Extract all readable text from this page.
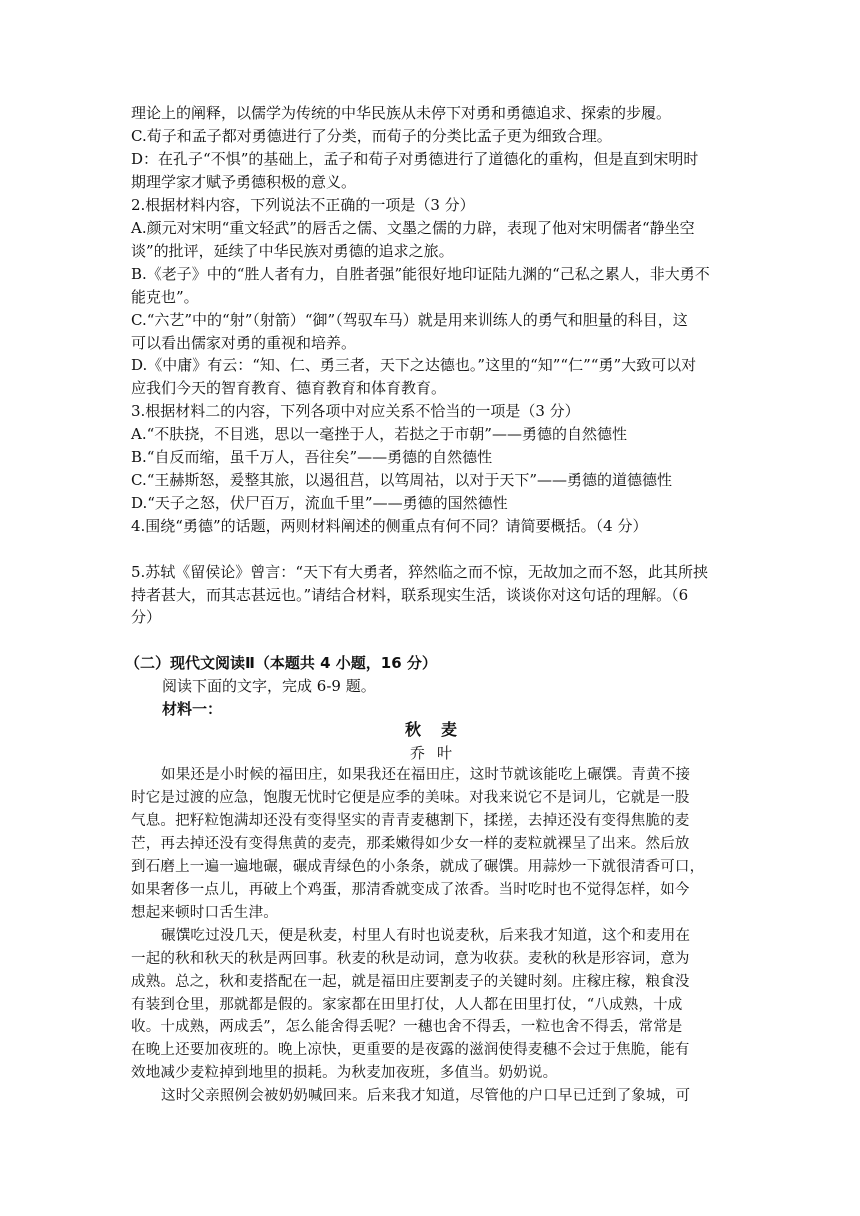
理论上的阐释，以儒学为传统的中华民族从未停下对勇和勇德追求、探索的步履。
C.荀子和孟子都对勇德进行了分类，而荀子的分类比孟子更为细致合理。
D：在孔子“不惧”的基础上，孟子和荀子对勇德进行了道德化的重构，但是直到宋明时
期理学家才赋予勇德积极的意义。
2.根据材料内容，下列说法不正确的一项是（3 分）
A.颜元对宋明“重文轻武”的唇舌之儒、文墨之儒的力辟，表现了他对宋明儒者“静坐空
谈”的批评，延续了中华民族对勇德的追求之旅。
B.《老子》中的“胜人者有力，自胜者强”能很好地印证陆九渊的“己私之累人，非大勇不
能克也”。
C.“六艺”中的“射”（射箭）“御”（驾驭车马）就是用来训练人的勇气和胆量的科目，这
可以看出儒家对勇的重视和培养。
D.《中庸》有云：“知、仁、勇三者，天下之达德也。”这里的“知”“仁”“勇”大致可以对
应我们今天的智育教育、德育教育和体育教育。
3.根据材料二的内容，下列各项中对应关系不恰当的一项是（3 分）
A.“不肤挠，不目逃，思以一毫挫于人，若挞之于市朝”——勇德的自然德性
B.“自反而缩，虽千万人，吾往矣”——勇德的自然德性
C.“王赫斯怒，爰整其旅，以遏徂莒，以笃周祜，以对于天下”——勇德的道德德性
D.“天子之怒，伏尸百万，流血千里”——勇德的国然德性
4.围绕“勇德”的话题，两则材料阐述的侧重点有何不同？请简要概括。（4 分）
5.苏轼《留侯论》曾言：“天下有大勇者，猝然临之而不惊，无故加之而不怒，此其所挟
持者甚大，而其志甚远也。”请结合材料，联系现实生活，谈谈你对这句话的理解。（6
分）
（二）现代文阅读Ⅱ（本题共 4 小题，16 分）
阅读下面的文字，完成 6-9 题。
材料一：
秋麦
乔叶
如果还是小时候的福田庄，如果我还在福田庄，这时节就该能吃上碾馔。青黄不接
时它是过渡的应急，饱腹无忧时它便是应季的美味。对我来说它不是词儿，它就是一股
气息。把籽粒饱满却还没有变得坚实的青青麦穗割下，揉搓，去掉还没有变得焦脆的麦
芒，再去掉还没有变得焦黄的麦壳，那柔嫩得如少女一样的麦粒就裸呈了出来。然后放
到石磨上一遍一遍地碾，碾成青绿色的小条条，就成了碾馔。用蒜炒一下就很清香可口，
如果奢侈一点儿，再破上个鸡蛋，那清香就变成了浓香。当时吃时也不觉得怎样，如今
想起来顿时口舌生津。
碾馔吃过没几天，便是秋麦，村里人有时也说麦秋，后来我才知道，这个和麦用在
一起的秋和秋天的秋是两回事。秋麦的秋是动词，意为收获。麦秋的秋是形容词，意为
成熟。总之，秋和麦搭配在一起，就是福田庄要割麦子的关键时刻。庄稼庄稼，粮食没
有装到仓里，那就都是假的。家家都在田里打仗，人人都在田里打仗，“八成熟，十成
收。十成熟，两成丢”，怎么能舍得丢呢？一穗也舍不得丢，一粒也舍不得丢，常常是
在晚上还要加夜班的。晚上凉快，更重要的是夜露的滋润使得麦穗不会过于焦脆，能有
效地减少麦粒掉到地里的损耗。为秋麦加夜班，多值当。奶奶说。
这时父亲照例会被奶奶喊回来。后来我才知道，尽管他的户口早已迁到了象城，可
